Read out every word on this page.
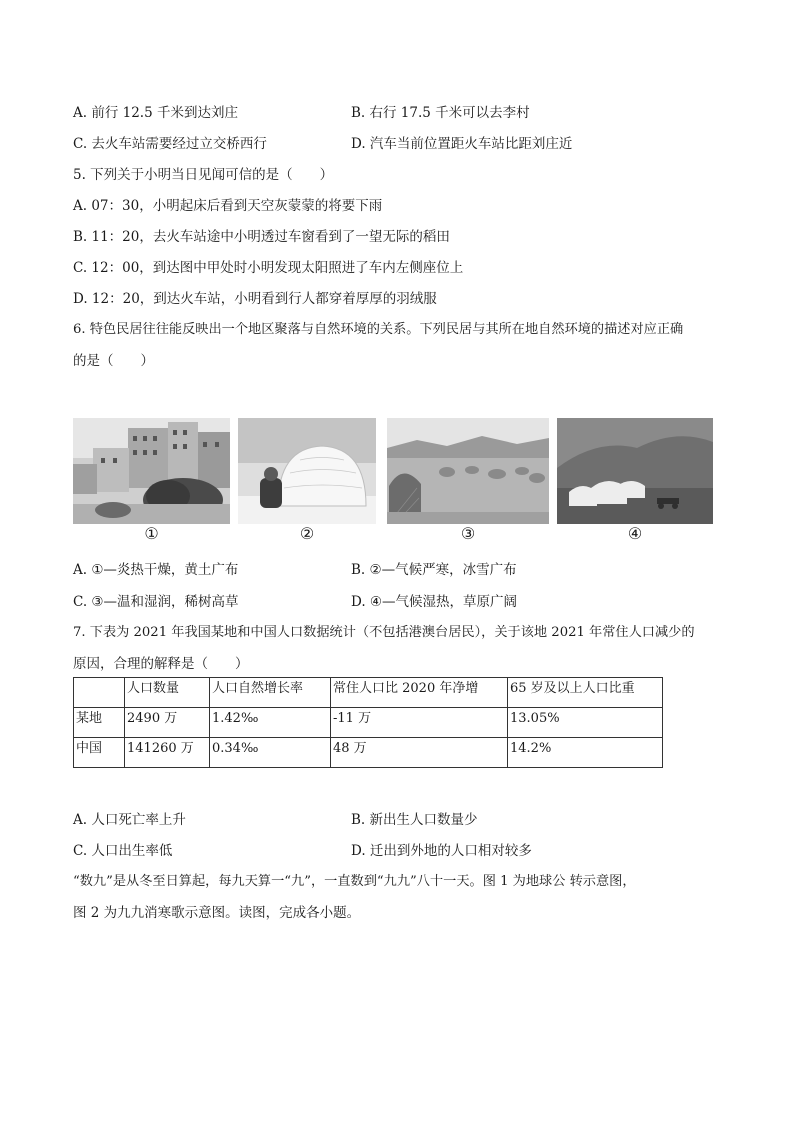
A. 前行 12.5 千米到达刘庄	B. 右行 17.5 千米可以去李村
C. 去火车站需要经过立交桥西行	D. 汽车当前位置距火车站比距刘庄近
5. 下列关于小明当日见闻可信的是（　　）
A. 07：30，小明起床后看到天空灰蒙蒙的将要下雨
B. 11：20，去火车站途中小明透过车窗看到了一望无际的稻田
C. 12：00，到达图中甲处时小明发现太阳照进了车内左侧座位上
D. 12：20，到达火车站，小明看到行人都穿着厚厚的羽绒服
6. 特色民居往往能反映出一个地区聚落与自然环境的关系。下列民居与其所在地自然环境的描述对应正确
的是（　　）
①	②	③	④
A. ①—炎热干燥，黄土广布	B. ②—气候严寒，冰雪广布
C. ③—温和湿润，稀树高草	D. ④—气候湿热，草原广阔
7. 下表为 2021 年我国某地和中国人口数据统计（不包括港澳台居民），关于该地 2021 年常住人口减少的
原因，合理的解释是（　　）
	人口数量	人口自然增长率	常住人口比 2020 年净增	65 岁及以上人口比重
某地	2490 万	1.42‰	-11 万	13.05%
中国	141260 万	0.34‰	48 万	14.2%
A. 人口死亡率上升	B. 新出生人口数量少
C. 人口出生率低	D. 迁出到外地的人口相对较多
“数九”是从冬至日算起，每九天算一“九”，一直数到“九九”八十一天。图 1 为地球公 转示意图，
图 2 为九九消寒歌示意图。读图，完成各小题。
